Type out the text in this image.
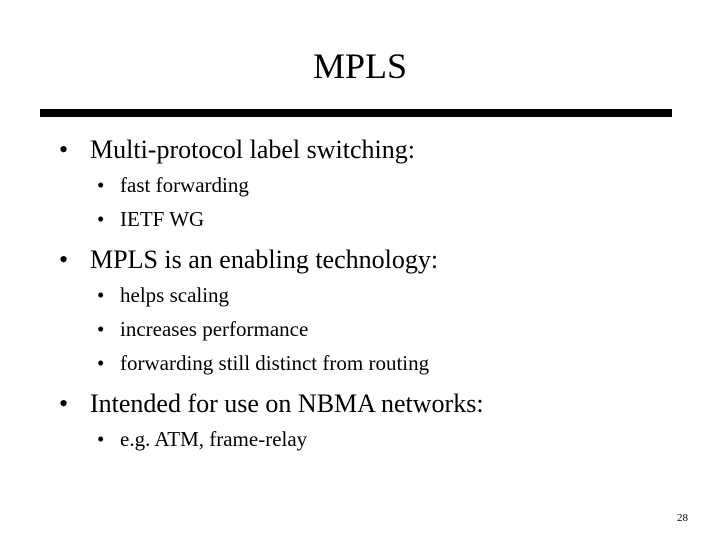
MPLS
• Multi-protocol label switching:
• fast forwarding
• IETF WG
• MPLS is an enabling technology:
• helps scaling
• increases performance
• forwarding still distinct from routing
• Intended for use on NBMA networks:
• e.g. ATM, frame-relay
28
